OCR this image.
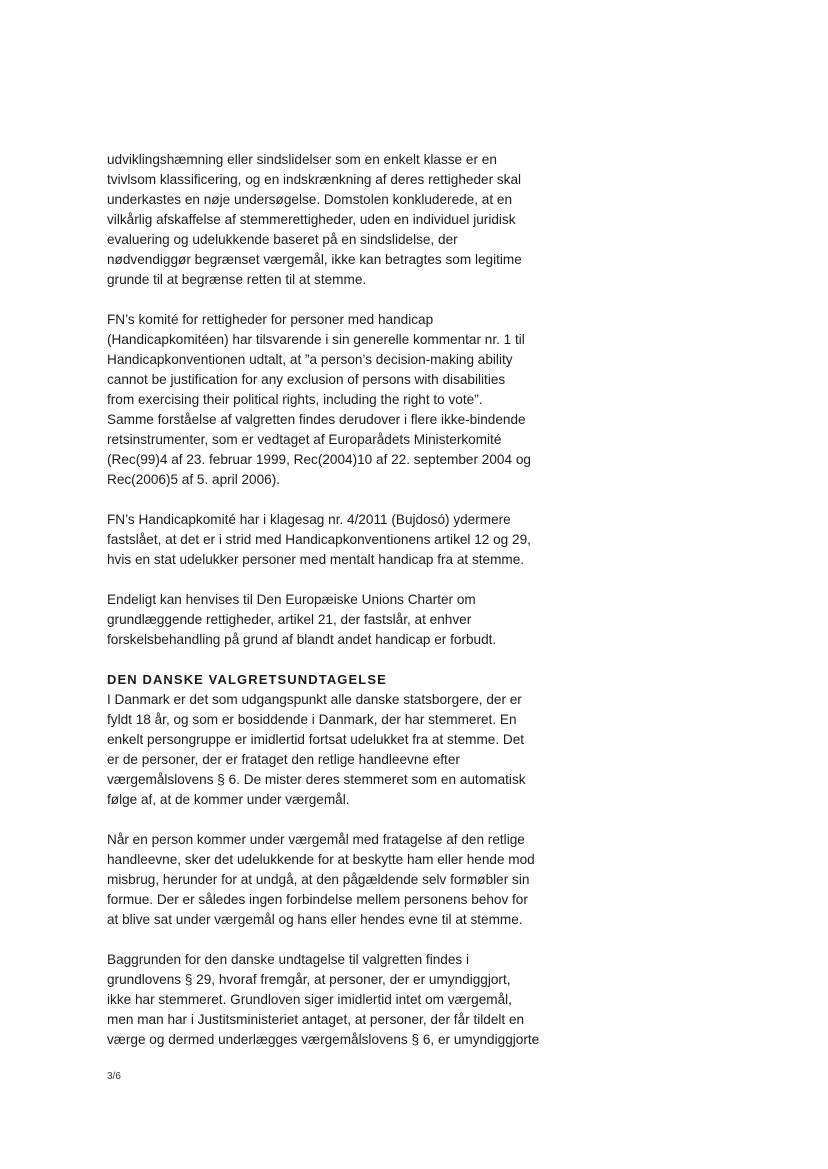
udviklingshæmning eller sindslidelser som en enkelt klasse er en

tvivlsom klassificering, og en indskrænkning af deres rettigheder skal

underkastes en nøje undersøgelse. Domstolen konkluderede, at en

vilkårlig afskaffelse af stemmerettigheder, uden en individuel juridisk

evaluering og udelukkende baseret på en sindslidelse, der

nødvendiggør begrænset værgemål, ikke kan betragtes som legitime

grunde til at begrænse retten til at stemme.

FN’s komité for rettigheder for personer med handicap

(Handicapkomitéen) har tilsvarende i sin generelle kommentar nr. 1 til

Handicapkonventionen udtalt, at ”a person’s decision-making ability

cannot be justification for any exclusion of persons with disabilities

from exercising their political rights, including the right to vote”.

Samme forståelse af valgretten findes derudover i flere ikke-bindende

retsinstrumenter, som er vedtaget af Europarådets Ministerkomité

(Rec(99)4 af 23. februar 1999, Rec(2004)10 af 22. september 2004 og

Rec(2006)5 af 5. april 2006).

FN’s Handicapkomité har i klagesag nr. 4/2011 (Bujdosó) ydermere

fastslået, at det er i strid med Handicapkonventionens artikel 12 og 29,

hvis en stat udelukker personer med mentalt handicap fra at stemme.

Endeligt kan henvises til Den Europæiske Unions Charter om

grundlæggende rettigheder, artikel 21, der fastslår, at enhver

forskelsbehandling på grund af blandt andet handicap er forbudt.

DEN DANSKE VALGRETSUNDTAGELSE

I Danmark er det som udgangspunkt alle danske statsborgere, der er

fyldt 18 år, og som er bosiddende i Danmark, der har stemmeret. En

enkelt persongruppe er imidlertid fortsat udelukket fra at stemme. Det

er de personer, der er frataget den retlige handleevne efter

værgemålslovens § 6. De mister deres stemmeret som en automatisk

følge af, at de kommer under værgemål.

Når en person kommer under værgemål med fratagelse af den retlige

handleevne, sker det udelukkende for at beskytte ham eller hende mod

misbrug, herunder for at undgå, at den pågældende selv formøbler sin

formue. Der er således ingen forbindelse mellem personens behov for

at blive sat under værgemål og hans eller hendes evne til at stemme.

Baggrunden for den danske undtagelse til valgretten findes i

grundlovens § 29, hvoraf fremgår, at personer, der er umyndiggjort,

ikke har stemmeret. Grundloven siger imidlertid intet om værgemål,

men man har i Justitsministeriet antaget, at personer, der får tildelt en

værge og dermed underlægges værgemålslovens § 6, er umyndiggjorte

3/6
